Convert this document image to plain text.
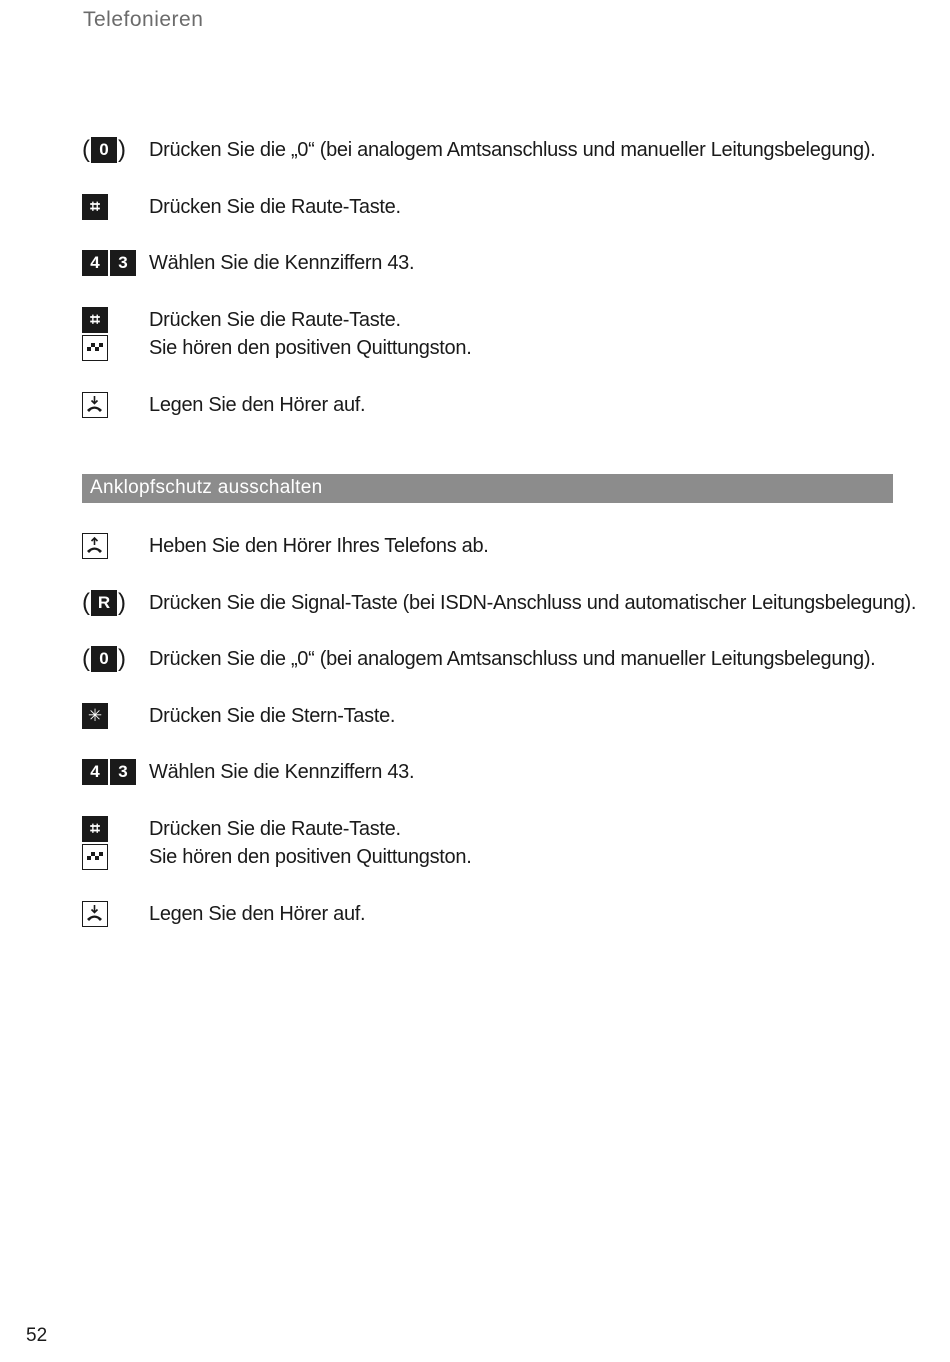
Telefonieren
( 0 ) Drücken Sie die „0“ (bei analogem Amtsanschluss und manueller Leitungsbelegung).
⌗	Drücken Sie die Raute-Taste.
4	3	Wählen Sie die Kennziffern 43.
⌗	Drücken Sie die Raute-Taste.
Sie hören den positiven Quittungston.
Legen Sie den Hörer auf.
Anklopfschutz ausschalten
Heben Sie den Hörer Ihres Telefons ab.
( R ) Drücken Sie die Signal-Taste (bei ISDN-Anschluss und automatischer Leitungsbelegung).
( 0 ) Drücken Sie die „0“ (bei analogem Amtsanschluss und manueller Leitungsbelegung).
✳ Drücken Sie die Stern-Taste.
4	3	Wählen Sie die Kennziffern 43.
⌗	Drücken Sie die Raute-Taste.
Sie hören den positiven Quittungston.
Legen Sie den Hörer auf.
52
